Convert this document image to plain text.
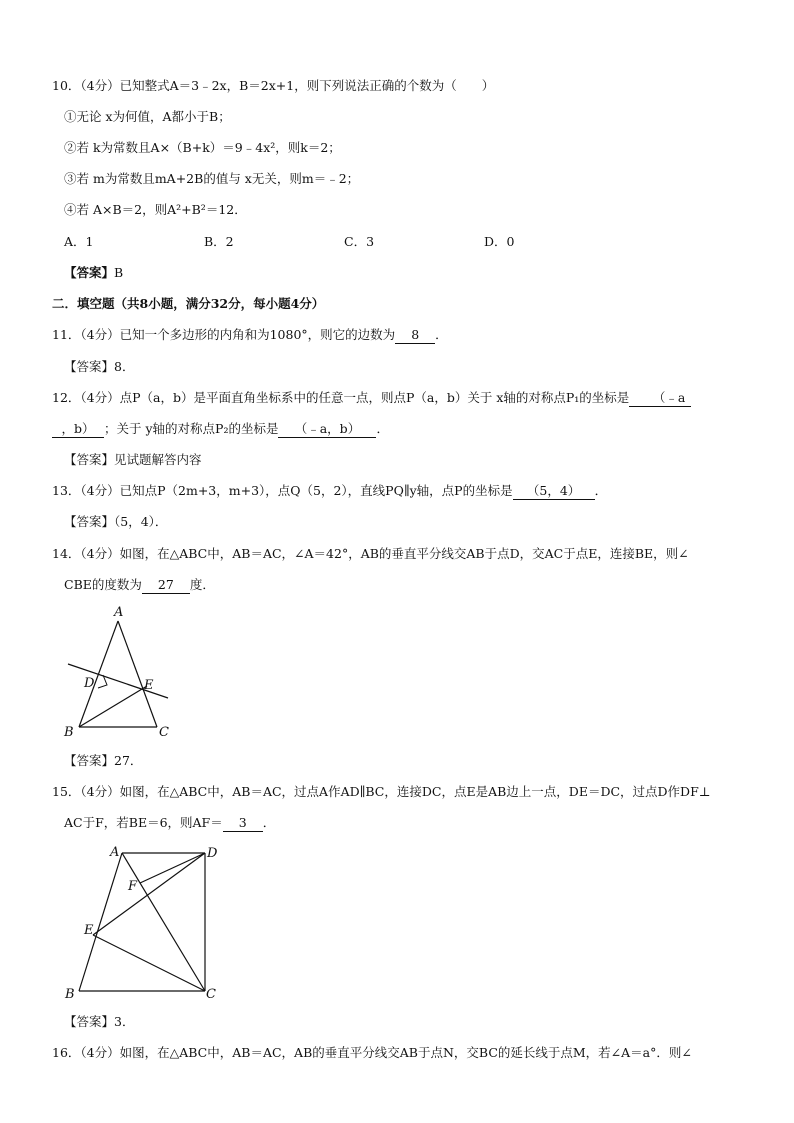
10．（4分）已知整式A＝3﹣2x，B＝2x+1，则下列说法正确的个数为（　　）
①无论 x为何值，A都小于B；
②若 k为常数且A×（B+k）＝9﹣4x²，则k＝2；
③若 m为常数且mA+2B的值与 x无关，则m＝﹣2；
④若 A×B＝2，则A²+B²＝12．
A．1	B．2	C．3	D．0
【答案】B
二．填空题（共8小题，满分32分，每小题4分）
11．（4分）已知一个多边形的内角和为1080°，则它的边数为 8 ．
【答案】8．
12．（4分）点P（a，b）是平面直角坐标系中的任意一点，则点P（a，b）关于 x轴的对称点P₁的坐标是 （﹣a
，b） ；关于 y轴的对称点P₂的坐标是 （﹣a，b） ．
【答案】见试题解答内容
13．（4分）已知点P（2m+3，m+3），点Q（5，2），直线PQ∥y轴，点P的坐标是 （5，4） ．
【答案】（5，4）．
14．（4分）如图，在△ABC中，AB＝AC，∠A＝42°，AB的垂直平分线交AB于点D，交AC于点E，连接BE，则∠
CBE的度数为 27 度．
A
D	E
B	C
【答案】27．
15．（4分）如图，在△ABC中，AB＝AC，过点A作AD∥BC，连接DC，点E是AB边上一点，DE＝DC，过点D作DF⊥
AC于F，若BE＝6，则AF＝ 3 ．
A	D
F
E
B	C
【答案】3．
16．（4分）如图，在△ABC中，AB＝AC，AB的垂直平分线交AB于点N，交BC的延长线于点M，若∠A＝a°．则∠
